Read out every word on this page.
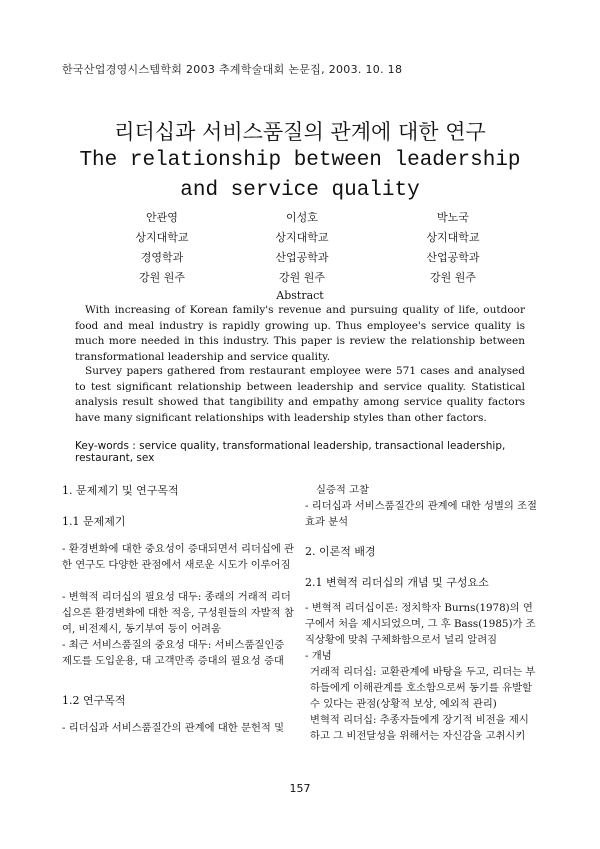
한국산업경영시스템학회 2003 추계학술대회 논문집, 2003. 10. 18
리더십과 서비스품질의 관계에 대한 연구
The relationship between leadership
and service quality
안관영
상지대학교
경영학과
강원 원주
이성호
상지대학교
산업공학과
강원 원주
박노국
상지대학교
산업공학과
강원 원주
Abstract

With increasing of Korean family's revenue and pursuing quality of life, outdoor food and meal industry is rapidly growing up. Thus employee's service quality is much more needed in this industry. This paper is review the relationship between transformational leadership and service quality.

Survey papers gathered from restaurant employee were 571 cases and analysed to test significant relationship between leadership and service quality. Statistical analysis result showed that tangibility and empathy among service quality factors have many significant relationships with leadership styles than other factors.

Key-words : service quality, transformational leadership, transactional leadership, restaurant, sex
1. 문제제기 및 연구목적
1.1 문제제기
- 환경변화에 대한 중요성이 증대되면서 리더십에 관한 연구도 다양한 관점에서 새로운 시도가 이루어짐
- 변혁적 리더십의 필요성 대두: 종래의 거래적 리더십으론 환경변화에 대한 적응, 구성원들의 자발적 참여, 비전제시, 동기부여 등이 어려움
- 최근 서비스품질의 중요성 대두: 서비스품질인증제도를 도입운용, 대 고객만족 증대의 필요성 증대
1.2 연구목적
- 리더십과 서비스품질간의 관계에 대한 문헌적 및
실증적 고찰
- 리더십과 서비스품질간의 관계에 대한 성별의 조절효과 분석
2. 이론적 배경
2.1 변혁적 리더십의 개념 및 구성요소
- 변혁적 리더십이론: 정치학자 Burns(1978)의 연구에서 처음 제시되었으며, 그 후 Bass(1985)가 조직상황에 맞춰 구체화함으로서 널리 알려짐
- 개념
거래적 리더십: 교환관계에 바탕을 두고, 리더는 부하들에게 이해관계를 호소함으로써 동기를 유발할 수 있다는 관점(상황적 보상, 예외적 관리)
변혁적 리더십: 추종자들에게 장기적 비전을 제시하고 그 비전달성을 위해서는 자신감을 고취시키
157
